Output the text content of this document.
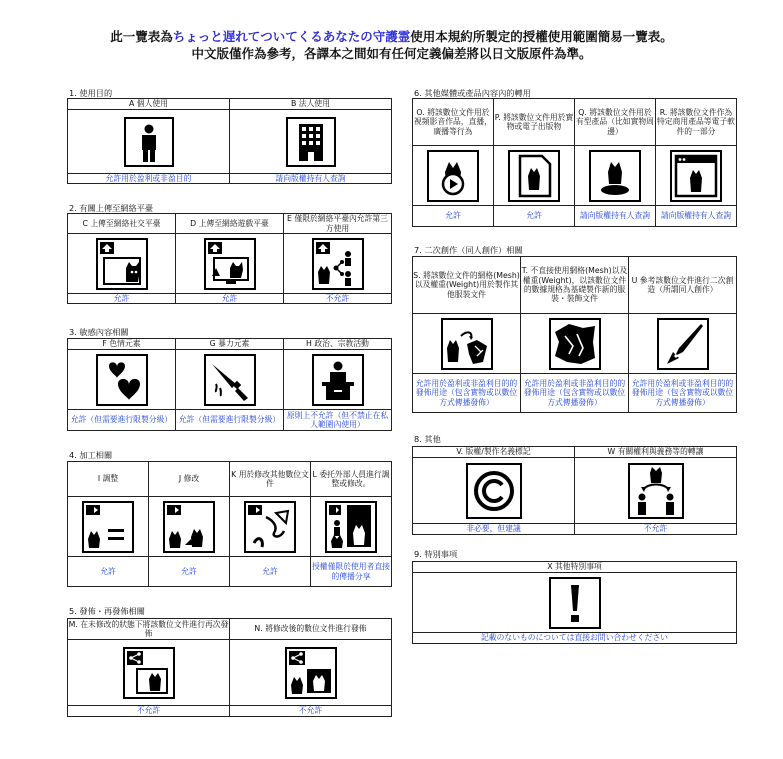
此一覽表為ちょっと遅れてついてくるあなたの守護霊使用本規約所製定的授權使用範圍簡易一覽表。
中文版僅作為參考，各譯本之間如有任何定義偏差將以日文版原件為準。
1. 使用目的
A 個人使用	B 法人使用

允許用於盈利或非盈目的	請向版權持有人查詢
2. 有關上傳至網絡平臺
C 上傳至網絡社交平臺	D 上傳至網絡遊戲平臺	E 僅限於網絡平臺內允許第三方使用

允許	允許	不允許
3. 敏感內容相關
F 色情元素	G 暴力元素	H 政治、宗教活動

允許（但需要進行限製分級）	允許（但需要進行限製分級）	原則上不允許（但不禁止在私人範圍內使用）
4. 加工相關
I 調整	J 修改	K 用於修改其他數位文件	L 委托外部人員進行調整或修改。

允許	允許	允許	授權僅限於使用者直接的傳播分享
5. 發佈・再發佈相關
M. 在未修改的狀態下將該數位文件進行再次發佈	N. 將修改後的數位文件進行發佈

不允許	不允許
6. 其他媒體或產品內容內的轉用
O. 將該數位文件用於視頻影音作品，直播，廣播等行為	P. 將該數位文件用於實物或電子出版物	Q. 將該數位文件用於有型產品（比如實物周邊）	R. 將該數位文件作為特定商用產品等電子軟件的一部分

允許	允許	請向版權持有人查詢	請向版權持有人查詢
7. 二次創作（同人創作）相關
S. 將該數位文件的網格(Mesh)以及權重(Weight)用於製作其他服裝文件	T. 不直接使用網格(Mesh)以及權重(Weight)，以該數位文件的數據規格為基礎製作新的服裝・裝飾文件	U 參考該數位文件進行二次創造（所謂同人創作）

允許用於盈利或非盈利目的的發佈用途（包含實物或以數位方式傳播發佈）	允許用於盈利或非盈利目的的發佈用途（包含實物或以數位方式傳播發佈）	允許用於盈利或非盈利目的的發佈用途（包含實物或以數位方式傳播發佈）
8. 其他
V. 版權/製作名義標記	W 有關權利與義務等的轉讓

非必要，但建議	不允許
9. 特別事項
X 其他特別事項

記載のないものについては直接お問い合わせください
